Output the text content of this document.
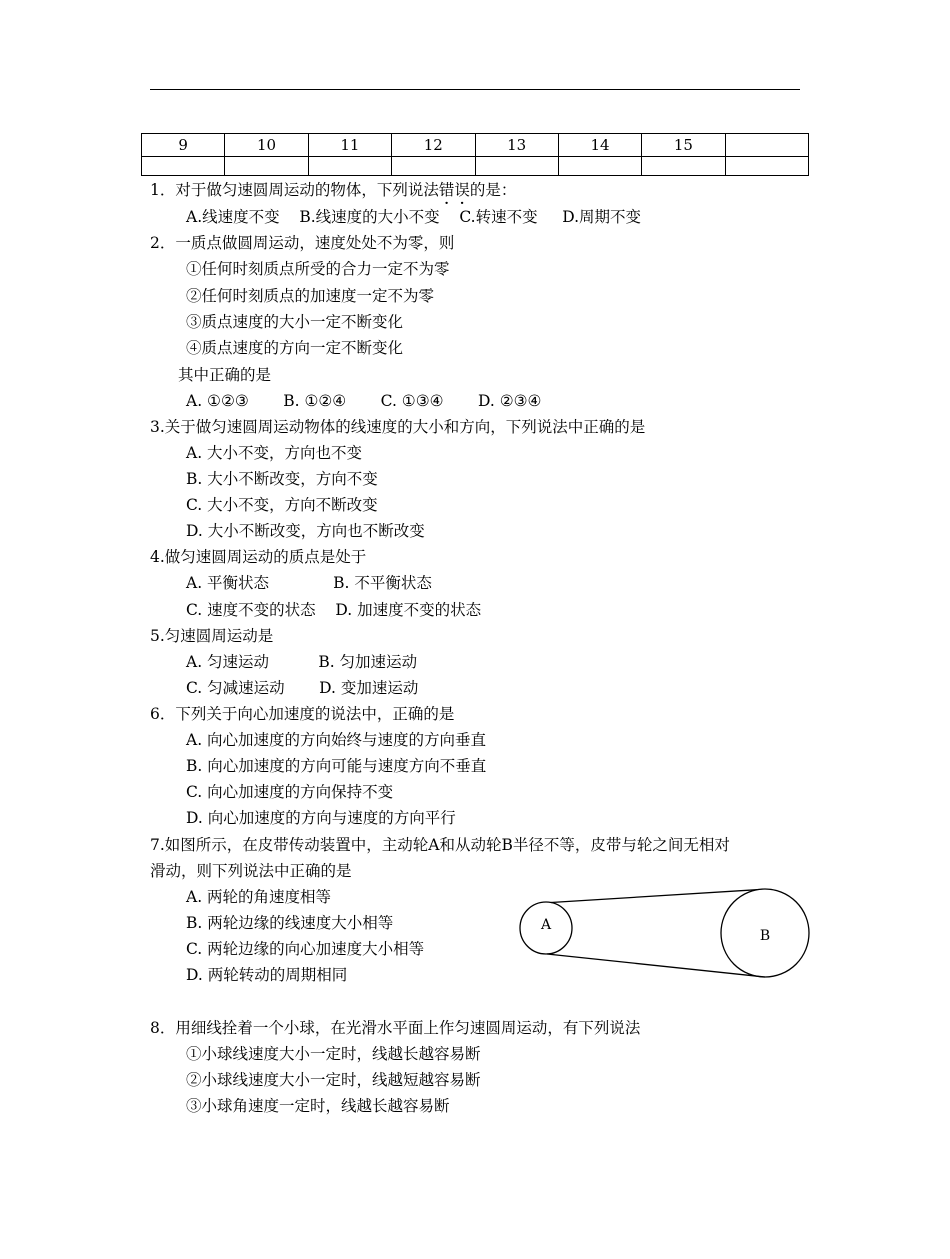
9	10	11	12	13	14	15	

1．对于做匀速圆周运动的物体，下列说法错误的是：
A.线速度不变    B.线速度的大小不变    C.转速不变     D.周期不变
2．一质点做圆周运动，速度处处不为零，则
①任何时刻质点所受的合力一定不为零
②任何时刻质点的加速度一定不为零
③质点速度的大小一定不断变化
④质点速度的方向一定不断变化
其中正确的是
A. ①②③       B. ①②④       C. ①③④       D. ②③④
3.关于做匀速圆周运动物体的线速度的大小和方向，下列说法中正确的是
A. 大小不变，方向也不变
B. 大小不断改变，方向不变
C. 大小不变，方向不断改变
D. 大小不断改变，方向也不断改变
4.做匀速圆周运动的质点是处于
A. 平衡状态             B. 不平衡状态
C. 速度不变的状态    D. 加速度不变的状态
5.匀速圆周运动是
A. 匀速运动          B. 匀加速运动
C. 匀减速运动       D. 变加速运动
6．下列关于向心加速度的说法中，正确的是
A. 向心加速度的方向始终与速度的方向垂直
B. 向心加速度的方向可能与速度方向不垂直
C. 向心加速度的方向保持不变
D. 向心加速度的方向与速度的方向平行
7.如图所示，在皮带传动装置中，主动轮A和从动轮B半径不等，皮带与轮之间无相对
滑动，则下列说法中正确的是
A. 两轮的角速度相等
B. 两轮边缘的线速度大小相等
C. 两轮边缘的向心加速度大小相等
D. 两轮转动的周期相同
A
B
8．用细线拴着一个小球，在光滑水平面上作匀速圆周运动，有下列说法
①小球线速度大小一定时，线越长越容易断
②小球线速度大小一定时，线越短越容易断
③小球角速度一定时，线越长越容易断
